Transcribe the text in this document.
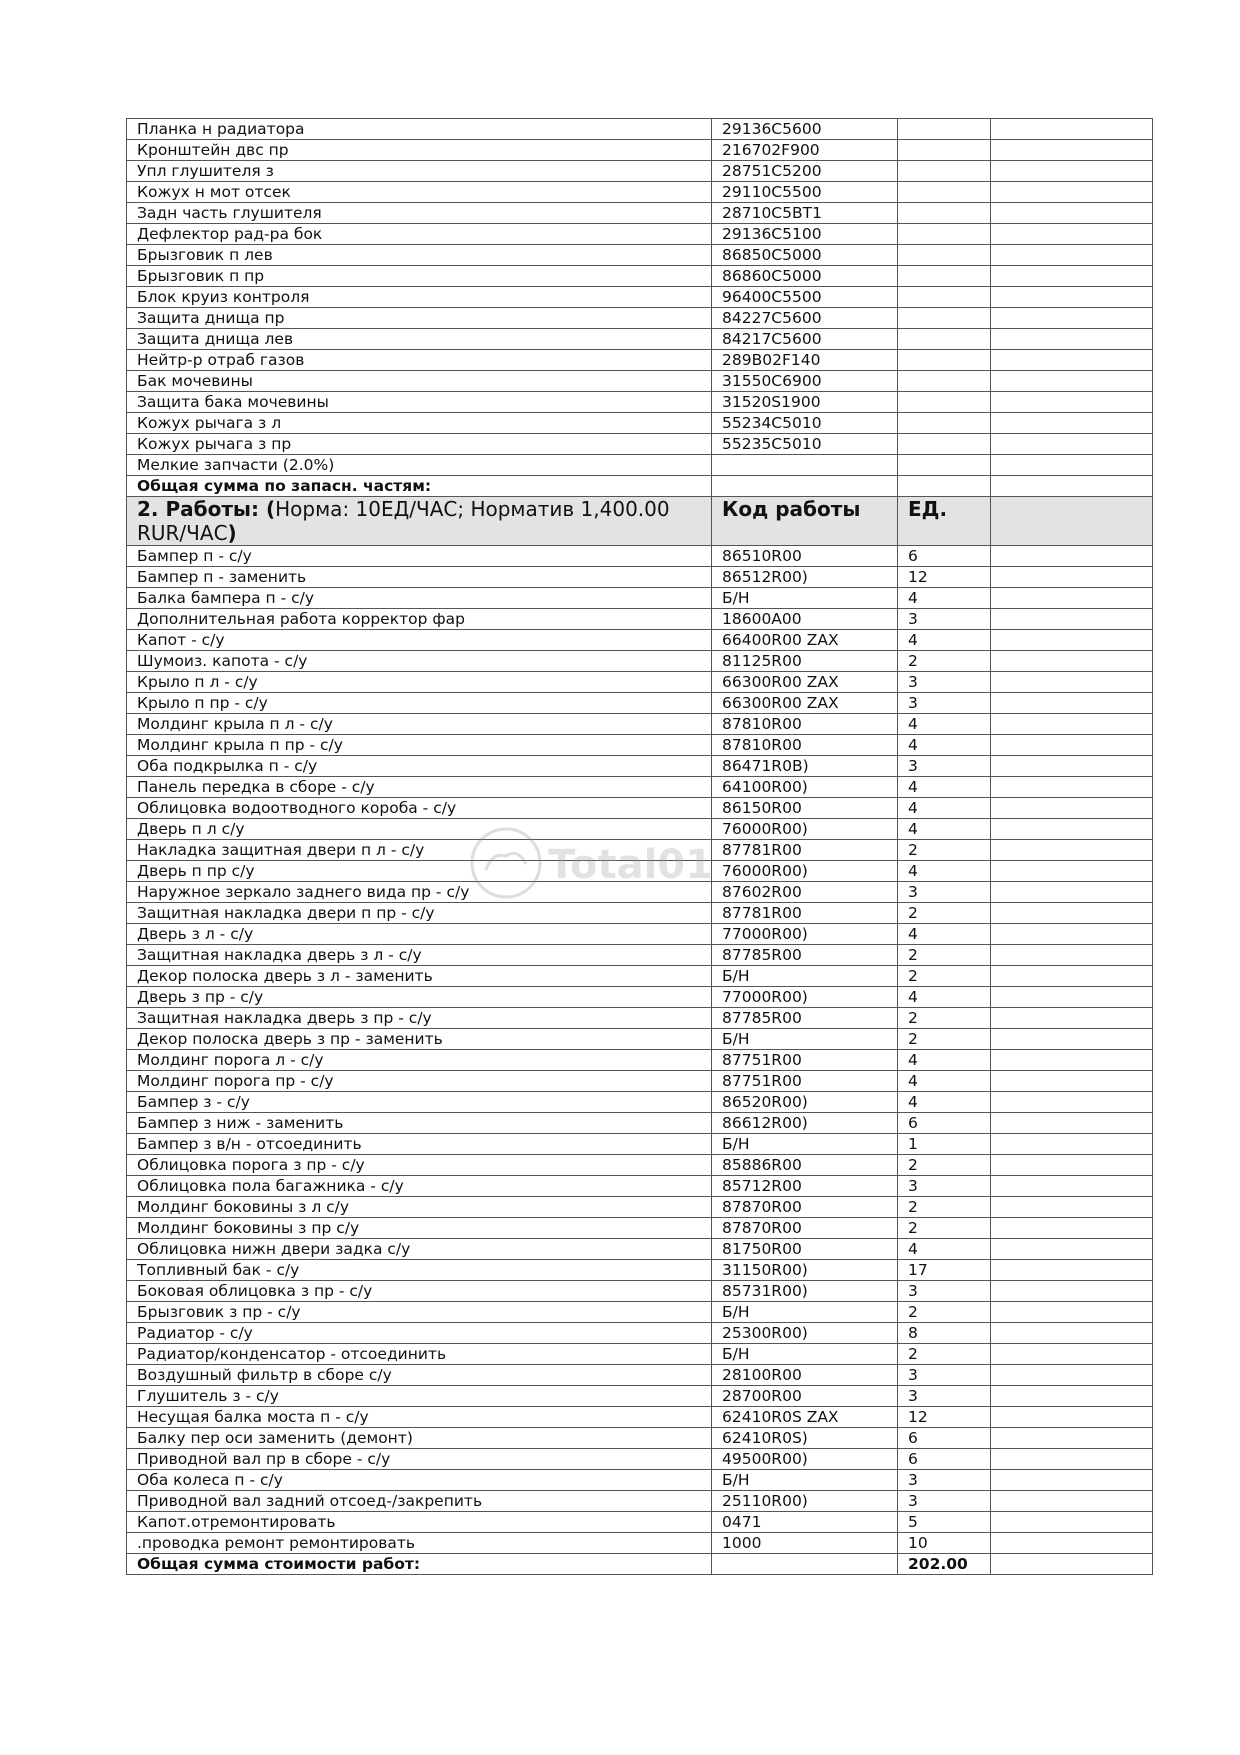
Планка н радиатора	29136C5600		
Кронштейн двс пр	216702F900		
Упл глушителя з	28751C5200		
Кожух н мот отсек	29110C5500		
Задн часть глушителя	28710C5BT1		
Дефлектор рад-ра бок	29136C5100		
Брызговик п лев	86850C5000		
Брызговик п пр	86860C5000		
Блок круиз контроля	96400C5500		
Защита днища пр	84227C5600		
Защита днища лев	84217C5600		
Нейтр-р отраб газов	289B02F140		
Бак мочевины	31550C6900		
Защита бака мочевины	31520S1900		
Кожух рычага з л	55234C5010		
Кожух рычага з пр	55235C5010		
Мелкие запчасти (2.0%)			
Общая сумма по запасн. частям:			
2. Работы: (Норма: 10ЕД/ЧАС; Норматив 1,400.00 RUR/ЧАС)	Код работы	ЕД.	
Бампер п - с/у	86510R00	6	
Бампер п - заменить	86512R00)	12	
Балка бампера п - с/у	Б/Н	4	
Дополнительная работа корректор фар	18600A00	3	
Капот - с/у	66400R00 ZAX	4	
Шумоиз. капота - с/у	81125R00	2	
Крыло п л - с/у	66300R00 ZAX	3	
Крыло п пр - с/у	66300R00 ZAX	3	
Молдинг крыла п л - с/у	87810R00	4	
Молдинг крыла п пр - с/у	87810R00	4	
Оба подкрылка п - с/у	86471R0B)	3	
Панель передка в сборе - с/у	64100R00)	4	
Облицовка водоотводного короба - с/у	86150R00	4	
Дверь п л с/у	76000R00)	4	
Накладка защитная двери п л - с/у	87781R00	2	
Дверь п пр с/у	76000R00)	4	
Наружное зеркало заднего вида пр - с/у	87602R00	3	
Защитная накладка двери п пр - с/у	87781R00	2	
Дверь з л - с/у	77000R00)	4	
Защитная накладка дверь з л - с/у	87785R00	2	
Декор полоска дверь з л - заменить	Б/Н	2	
Дверь з пр - с/у	77000R00)	4	
Защитная накладка дверь з пр - с/у	87785R00	2	
Декор полоска дверь з пр - заменить	Б/Н	2	
Молдинг порога л - с/у	87751R00	4	
Молдинг порога пр - с/у	87751R00	4	
Бампер з - с/у	86520R00)	4	
Бампер з ниж - заменить	86612R00)	6	
Бампер з в/н - отсоединить	Б/Н	1	
Облицовка порога з пр - с/у	85886R00	2	
Облицовка пола багажника - с/у	85712R00	3	
Молдинг боковины з л с/у	87870R00	2	
Молдинг боковины з пр с/у	87870R00	2	
Облицовка нижн двери задка с/у	81750R00	4	
Топливный бак - с/у	31150R00)	17	
Боковая облицовка з пр - с/у	85731R00)	3	
Брызговик з пр - с/у	Б/Н	2	
Радиатор - с/у	25300R00)	8	
Радиатор/конденсатор - отсоединить	Б/Н	2	
Воздушный фильтр в сборе с/у	28100R00	3	
Глушитель з - с/у	28700R00	3	
Несущая балка моста п - с/у	62410R0S ZAX	12	
Балку пер оси заменить (демонт)	62410R0S)	6	
Приводной вал пр в сборе - с/у	49500R00)	6	
Оба колеса п - с/у	Б/Н	3	
Приводной вал задний отсоед-/закрепить	25110R00)	3	
Капот.отремонтировать	0471	5	
.проводка ремонт ремонтировать	1000	10	
Общая сумма стоимости работ:		202.00	
Total01
